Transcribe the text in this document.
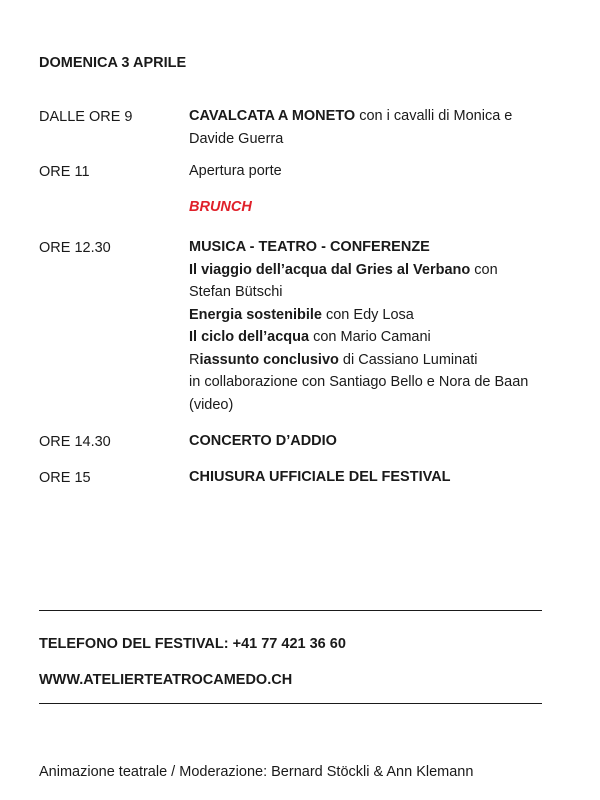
DOMENICA 3 APRILE
DALLE ORE 9	CAVALCATA A MONETO con i cavalli di Monica e
Davide Guerra
ORE 11	Apertura porte
BRUNCH
ORE 12.30	MUSICA - TEATRO - CONFERENZE
Il viaggio dell’acqua dal Gries al Verbano con
Stefan Bütschi
Energia sostenibile con Edy Losa
Il ciclo dell’acqua con Mario Camani
Riassunto conclusivo di Cassiano Luminati
in collaborazione con Santiago Bello e Nora de Baan
(video)
ORE 14.30	CONCERTO D’ADDIO
ORE 15	CHIUSURA UFFICIALE DEL FESTIVAL
TELEFONO DEL FESTIVAL: +41 77 421 36 60
WWW.ATELIERTEATROCAMEDO.CH
Animazione teatrale / Moderazione: Bernard Stöckli & Ann Klemann
